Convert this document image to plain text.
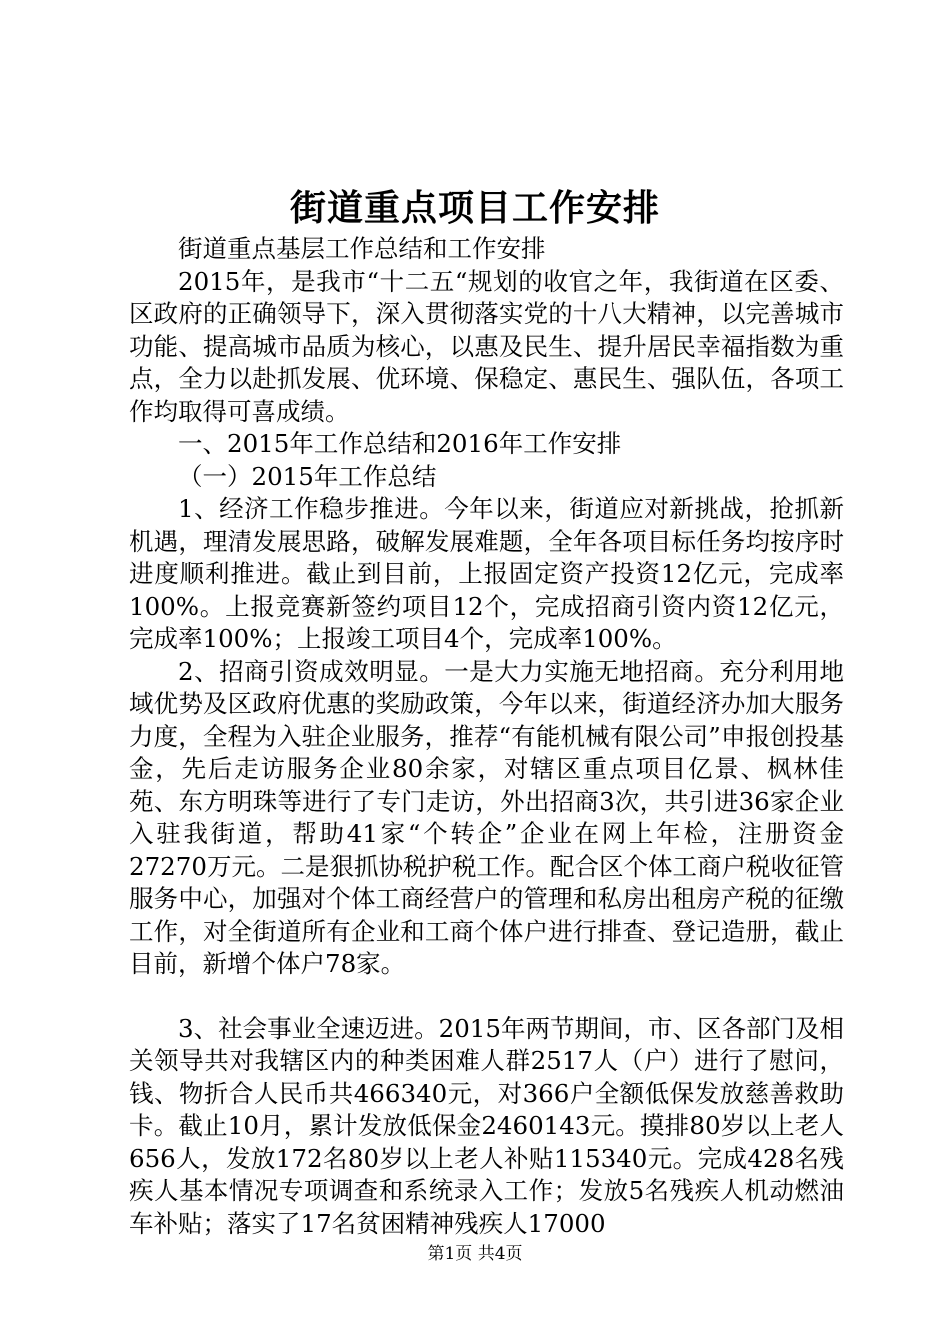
街道重点项目工作安排

街道重点基层工作总结和工作安排

2015年，是我市“十二五“规划的收官之年，我街道在区委、区政府的正确领导下，深入贯彻落实党的十八大精神，以完善城市功能、提高城市品质为核心，以惠及民生、提升居民幸福指数为重点，全力以赴抓发展、优环境、保稳定、惠民生、强队伍，各项工作均取得可喜成绩。

一、2015年工作总结和2016年工作安排

（一）2015年工作总结

1、经济工作稳步推进。今年以来，街道应对新挑战，抢抓新机遇，理清发展思路，破解发展难题，全年各项目标任务均按序时进度顺利推进。截止到目前，上报固定资产投资12亿元，完成率100%。上报竞赛新签约项目12个，完成招商引资内资12亿元，完成率100%；上报竣工项目4个，完成率100%。

2、招商引资成效明显。一是大力实施无地招商。充分利用地域优势及区政府优惠的奖励政策，今年以来，街道经济办加大服务力度，全程为入驻企业服务，推荐“有能机械有限公司”申报创投基金，先后走访服务企业80余家，对辖区重点项目亿景、枫林佳苑、东方明珠等进行了专门走访，外出招商3次，共引进36家企业入驻我街道，帮助41家“个转企”企业在网上年检，注册资金27270万元。二是狠抓协税护税工作。配合区个体工商户税收征管服务中心，加强对个体工商经营户的管理和私房出租房产税的征缴工作，对全街道所有企业和工商个体户进行排查、登记造册，截止目前，新增个体户78家。

3、社会事业全速迈进。2015年两节期间，市、区各部门及相关领导共对我辖区内的种类困难人群2517人（户）进行了慰问，钱、物折合人民币共466340元，对366户全额低保发放慈善救助卡。截止10月，累计发放低保金2460143元。摸排80岁以上老人656人，发放172名80岁以上老人补贴115340元。完成428名残疾人基本情况专项调查和系统录入工作；发放5名残疾人机动燃油车补贴；落实了17名贫困精神残疾人17000

第1页 共4页
